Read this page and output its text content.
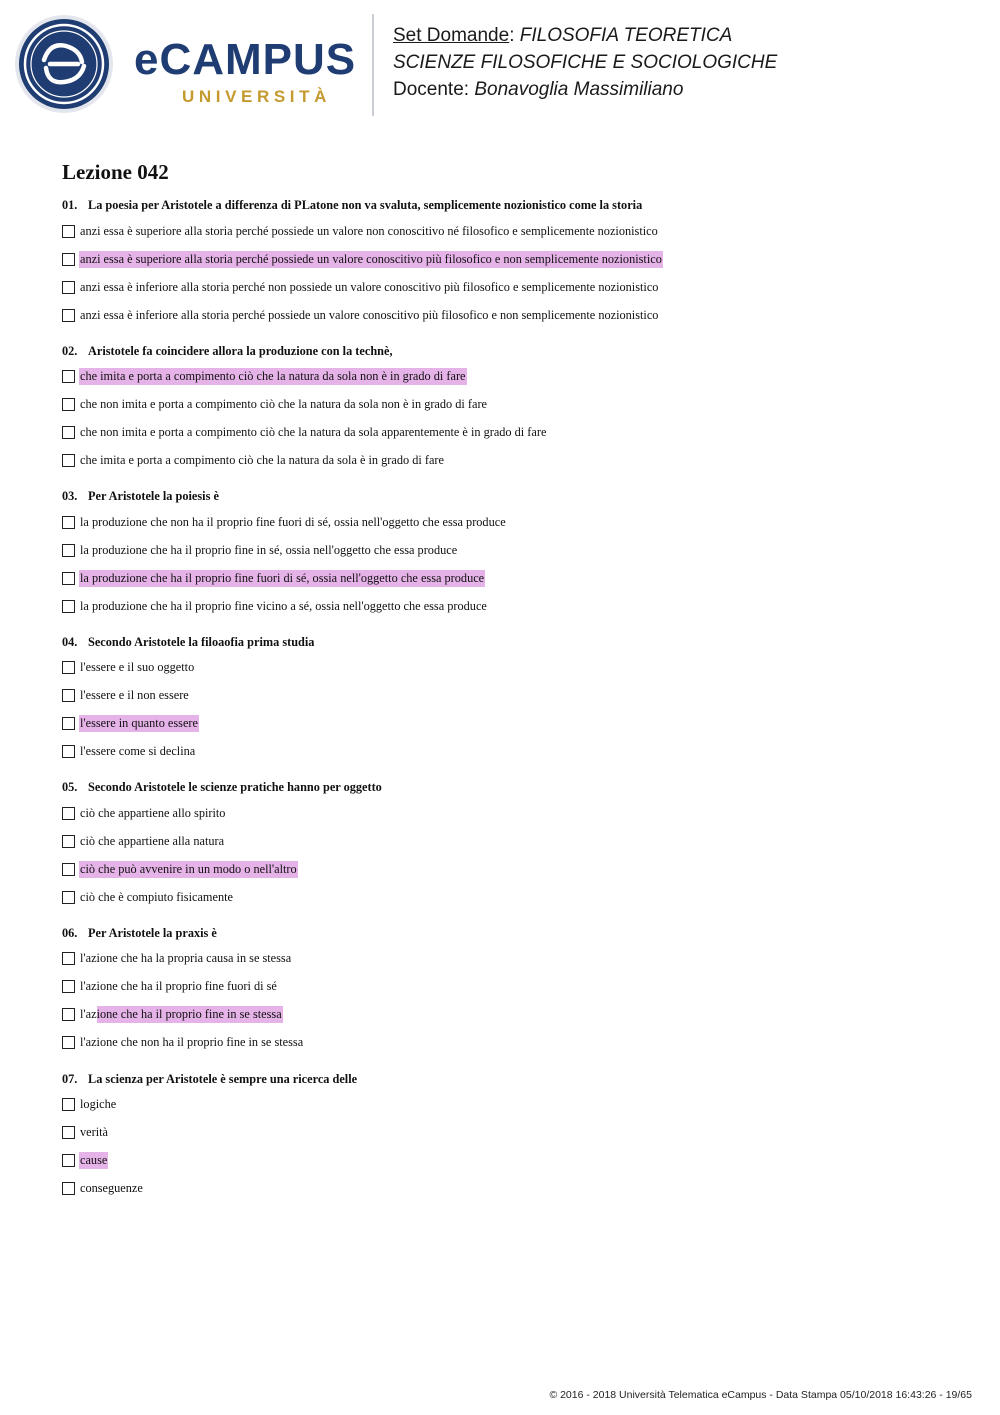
eCAMPUS
UNIVERSITÀ
Set Domande: FILOSOFIA TEORETICA
SCIENZE FILOSOFICHE E SOCIOLOGICHE
Docente: Bonavoglia Massimiliano
Lezione 042
01. La poesia per Aristotele a differenza di PLatone non va svaluta, semplicemente nozionistico come la storia
anzi essa è superiore alla storia perché possiede un valore non conoscitivo né filosofico e semplicemente nozionistico
anzi essa è superiore alla storia perché possiede un valore conoscitivo più filosofico e non semplicemente nozionistico
anzi essa è inferiore alla storia perché non possiede un valore conoscitivo più filosofico e semplicemente nozionistico
anzi essa è inferiore alla storia perché possiede un valore conoscitivo più filosofico e non semplicemente nozionistico
02. Aristotele fa coincidere allora la produzione con la technè,
che imita e porta a compimento ciò che la natura da sola non è in grado di fare
che non imita e porta a compimento ciò che la natura da sola non è in grado di fare
che non imita e porta a compimento ciò che la natura da sola apparentemente è in grado di fare
che imita e porta a compimento ciò che la natura da sola è in grado di fare
03. Per Aristotele la poiesis è
la produzione che non ha il proprio fine fuori di sé, ossia nell'oggetto che essa produce
la produzione che ha il proprio fine in sé, ossia nell'oggetto che essa produce
la produzione che ha il proprio fine fuori di sé, ossia nell'oggetto che essa produce
la produzione che ha il proprio fine vicino a sé, ossia nell'oggetto che essa produce
04. Secondo Aristotele la filoaofia prima studia
l'essere e il suo oggetto
l'essere e il non essere
l'essere in quanto essere
l'essere come si declina
05. Secondo Aristotele le scienze pratiche hanno per oggetto
ciò che appartiene allo spirito
ciò che appartiene alla natura
ciò che può avvenire in un modo o nell'altro
ciò che è compiuto fisicamente
06. Per Aristotele la praxis è
l'azione che ha la propria causa in se stessa
l'azione che ha il proprio fine fuori di sé
l'az ione che ha il proprio fine in se stessa
l'azione che non ha il proprio fine in se stessa
07. La scienza per Aristotele è sempre una ricerca delle
logiche
verità
cause
conseguenze
© 2016 - 2018 Università Telematica eCampus - Data Stampa 05/10/2018 16:43:26 - 19/65
